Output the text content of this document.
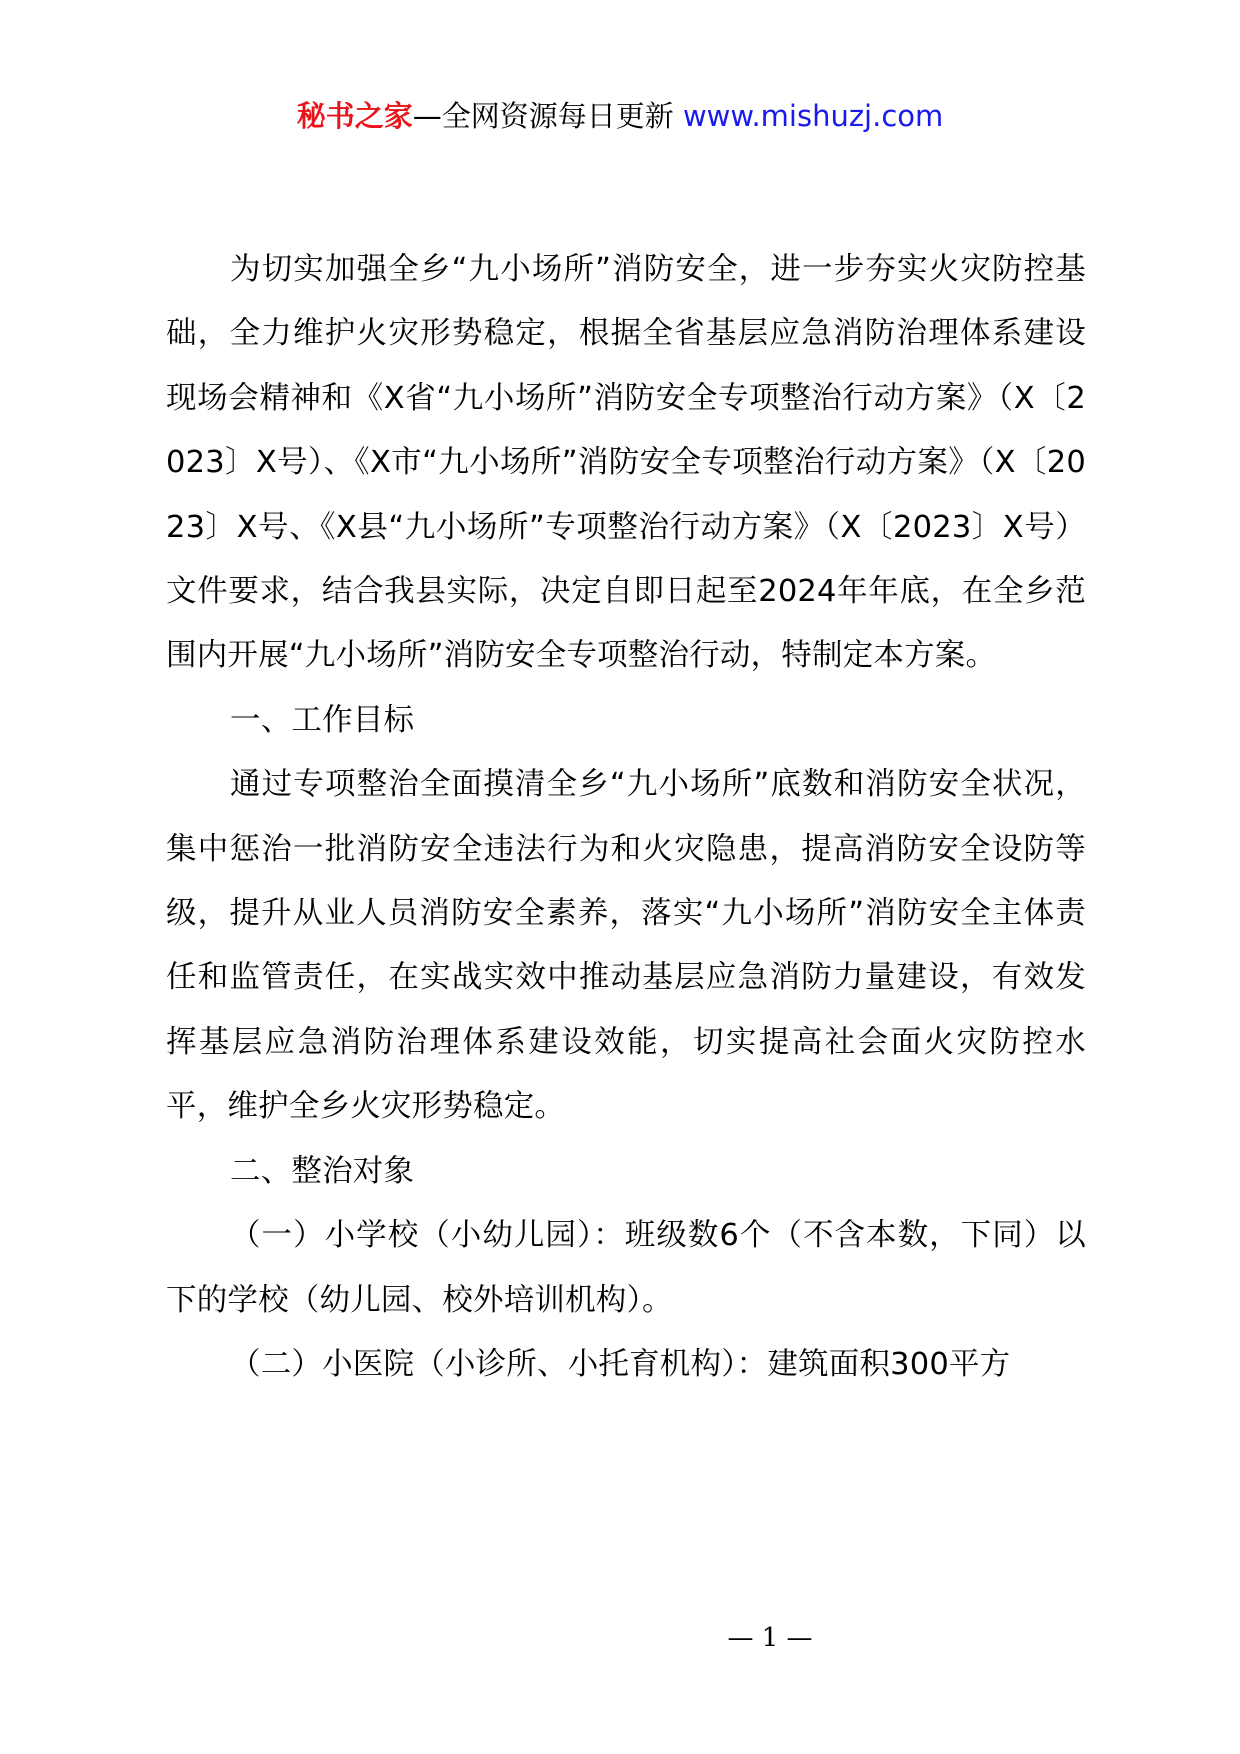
秘书之家—全网资源每日更新 www.mishuzj.com

为切实加强全乡“九小场所”消防安全，进一步夯实火灾防控基础，全力维护火灾形势稳定，根据全省基层应急消防治理体系建设现场会精神和《X省“九小场所”消防安全专项整治行动方案》（X〔2023〕X号）、《X市“九小场所”消防安全专项整治行动方案》（X〔2023〕X号、《X县“九小场所”专项整治行动方案》（X〔2023〕X号）文件要求，结合我县实际，决定自即日起至2024年年底，在全乡范围内开展“九小场所”消防安全专项整治行动，特制定本方案。

一、工作目标

通过专项整治全面摸清全乡“九小场所”底数和消防安全状况，集中惩治一批消防安全违法行为和火灾隐患，提高消防安全设防等级，提升从业人员消防安全素养，落实“九小场所”消防安全主体责任和监管责任，在实战实效中推动基层应急消防力量建设，有效发挥基层应急消防治理体系建设效能，切实提高社会面火灾防控水平，维护全乡火灾形势稳定。

二、整治对象

（一）小学校（小幼儿园）：班级数6个（不含本数，下同）以下的学校（幼儿园、校外培训机构）。

（二）小医院（小诊所、小托育机构）：建筑面积300平方

— 1 —
